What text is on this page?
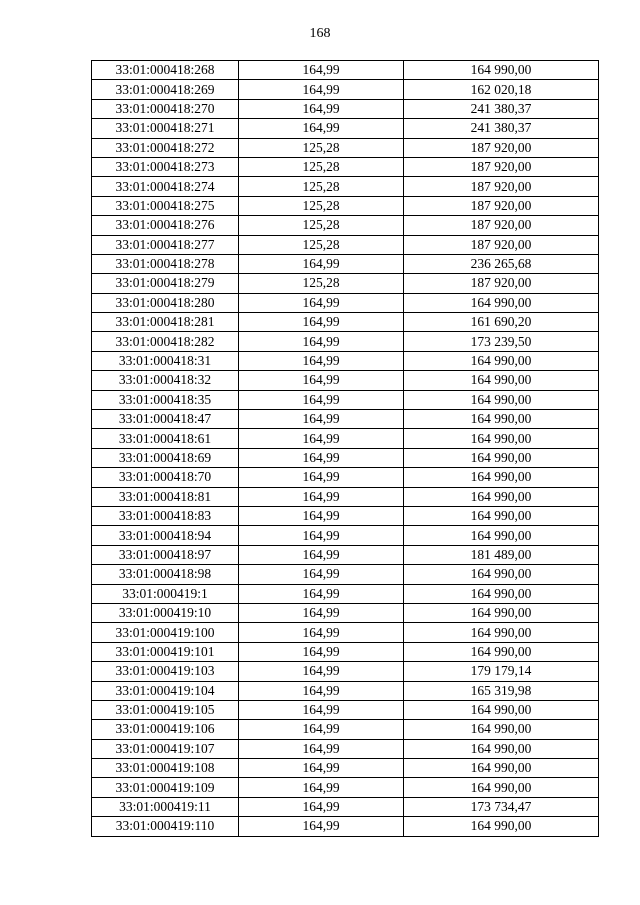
168
33:01:000418:268	164,99	164 990,00
33:01:000418:269	164,99	162 020,18
33:01:000418:270	164,99	241 380,37
33:01:000418:271	164,99	241 380,37
33:01:000418:272	125,28	187 920,00
33:01:000418:273	125,28	187 920,00
33:01:000418:274	125,28	187 920,00
33:01:000418:275	125,28	187 920,00
33:01:000418:276	125,28	187 920,00
33:01:000418:277	125,28	187 920,00
33:01:000418:278	164,99	236 265,68
33:01:000418:279	125,28	187 920,00
33:01:000418:280	164,99	164 990,00
33:01:000418:281	164,99	161 690,20
33:01:000418:282	164,99	173 239,50
33:01:000418:31	164,99	164 990,00
33:01:000418:32	164,99	164 990,00
33:01:000418:35	164,99	164 990,00
33:01:000418:47	164,99	164 990,00
33:01:000418:61	164,99	164 990,00
33:01:000418:69	164,99	164 990,00
33:01:000418:70	164,99	164 990,00
33:01:000418:81	164,99	164 990,00
33:01:000418:83	164,99	164 990,00
33:01:000418:94	164,99	164 990,00
33:01:000418:97	164,99	181 489,00
33:01:000418:98	164,99	164 990,00
33:01:000419:1	164,99	164 990,00
33:01:000419:10	164,99	164 990,00
33:01:000419:100	164,99	164 990,00
33:01:000419:101	164,99	164 990,00
33:01:000419:103	164,99	179 179,14
33:01:000419:104	164,99	165 319,98
33:01:000419:105	164,99	164 990,00
33:01:000419:106	164,99	164 990,00
33:01:000419:107	164,99	164 990,00
33:01:000419:108	164,99	164 990,00
33:01:000419:109	164,99	164 990,00
33:01:000419:11	164,99	173 734,47
33:01:000419:110	164,99	164 990,00
